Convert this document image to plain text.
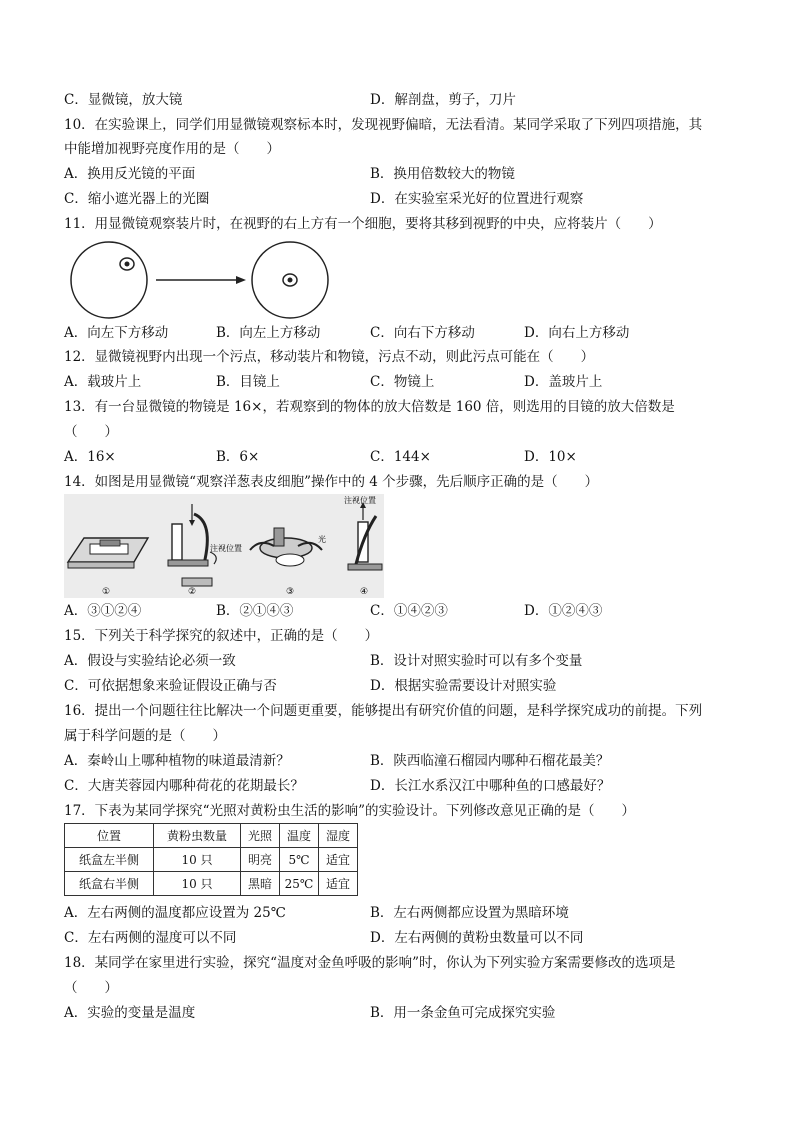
C．显微镜，放大镜	D．解剖盘，剪子，刀片
10．在实验课上，同学们用显微镜观察标本时，发现视野偏暗，无法看清。某同学采取了下列四项措施，其
中能增加视野亮度作用的是（　　）
A．换用反光镜的平面	B．换用倍数较大的物镜
C．缩小遮光器上的光圈	D．在实验室采光好的位置进行观察
11．用显微镜观察装片时，在视野的右上方有一个细胞，要将其移到视野的中央，应将装片（　　）
A．向左下方移动	B．向左上方移动	C．向右下方移动	D．向右上方移动
12．显微镜视野内出现一个污点，移动装片和物镜，污点不动，则此污点可能在（　　）
A．载玻片上	B．目镜上	C．物镜上	D．盖玻片上
13．有一台显微镜的物镜是 16×，若观察到的物体的放大倍数是 160 倍，则选用的目镜的放大倍数是
（　　）
A．16×	B．6×	C．144×	D．10×
14．如图是用显微镜“观察洋葱表皮细胞”操作中的 4 个步骤，先后顺序正确的是（　　）
①
注视位置
②
光
③
注视位置
④
A．③①②④	B．②①④③	C．①④②③	D．①②④③
15．下列关于科学探究的叙述中，正确的是（　　）
A．假设与实验结论必须一致	B．设计对照实验时可以有多个变量
C．可依据想象来验证假设正确与否	D．根据实验需要设计对照实验
16．提出一个问题往往比解决一个问题更重要，能够提出有研究价值的问题，是科学探究成功的前提。下列
属于科学问题的是（　　）
A．秦岭山上哪种植物的味道最清新？	B．陕西临潼石榴园内哪种石榴花最美？
C．大唐芙蓉园内哪种荷花的花期最长？	D．长江水系汉江中哪种鱼的口感最好？
17．下表为某同学探究“光照对黄粉虫生活的影响”的实验设计。下列修改意见正确的是（　　）
位置	黄粉虫数量	光照	温度	湿度
纸盒左半侧	10 只	明亮	5℃	适宜
纸盒右半侧	10 只	黑暗	25℃	适宜
A．左右两侧的温度都应设置为 25℃	B．左右两侧都应设置为黑暗环境
C．左右两侧的湿度可以不同	D．左右两侧的黄粉虫数量可以不同
18．某同学在家里进行实验，探究“温度对金鱼呼吸的影响”时，你认为下列实验方案需要修改的选项是
（　　）
A．实验的变量是温度	B．用一条金鱼可完成探究实验
